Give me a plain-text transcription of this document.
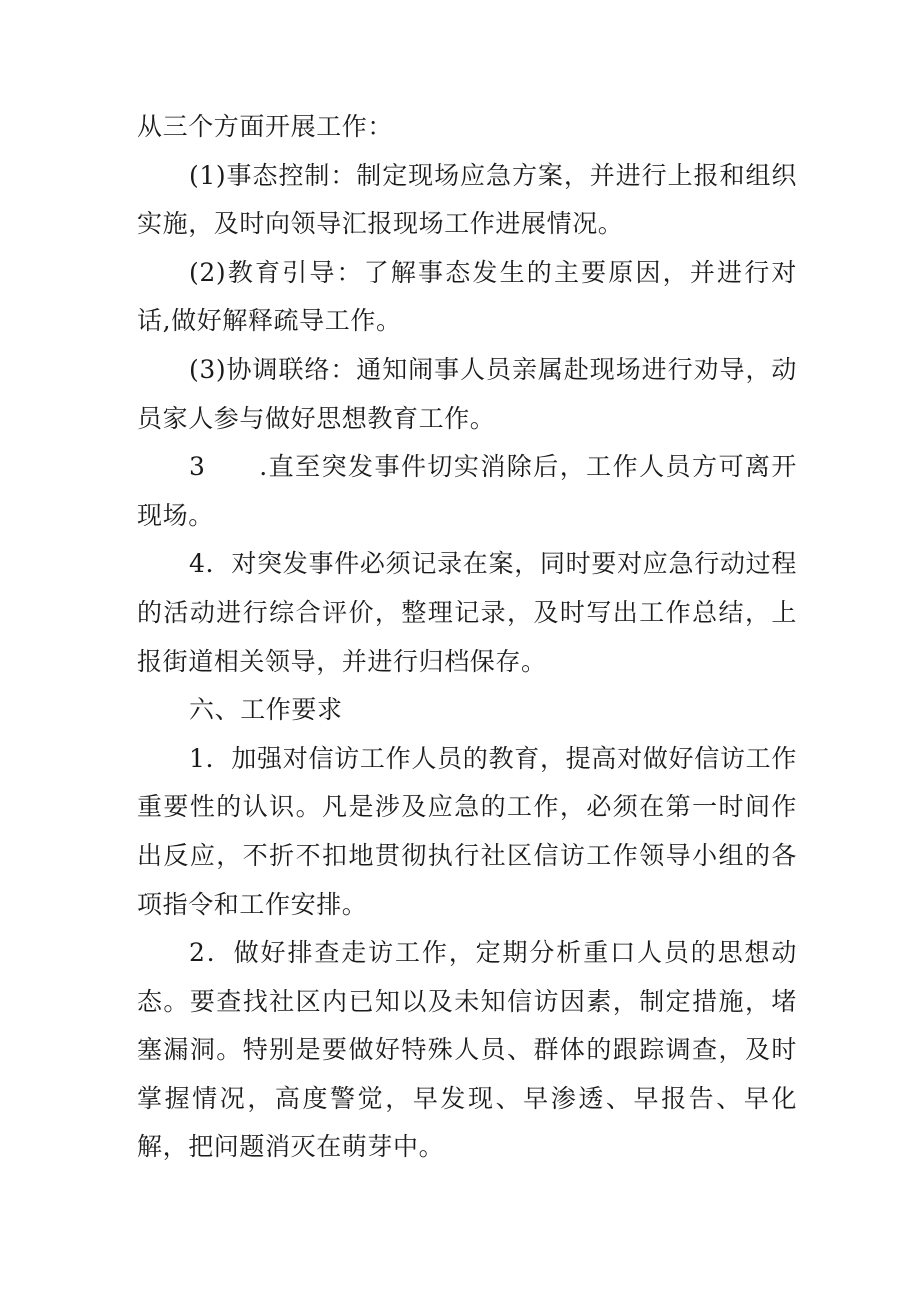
从三个方面开展工作：

(1)事态控制：制定现场应急方案，并进行上报和组织实施，及时向领导汇报现场工作进展情况。

(2)教育引导：了解事态发生的主要原因，并进行对话,做好解释疏导工作。

(3)协调联络：通知闹事人员亲属赴现场进行劝导，动员家人参与做好思想教育工作。

3　　.直至突发事件切实消除后，工作人员方可离开现场。

4．对突发事件必须记录在案，同时要对应急行动过程的活动进行综合评价，整理记录，及时写出工作总结，上报街道相关领导，并进行归档保存。

六、工作要求

1．加强对信访工作人员的教育，提高对做好信访工作重要性的认识。凡是涉及应急的工作，必须在第一时间作出反应，不折不扣地贯彻执行社区信访工作领导小组的各项指令和工作安排。

2．做好排查走访工作，定期分析重口人员的思想动态。要查找社区内已知以及未知信访因素，制定措施，堵塞漏洞。特别是要做好特殊人员、群体的跟踪调查，及时掌握情况，高度警觉，早发现、早渗透、早报告、早化解，把问题消灭在萌芽中。
